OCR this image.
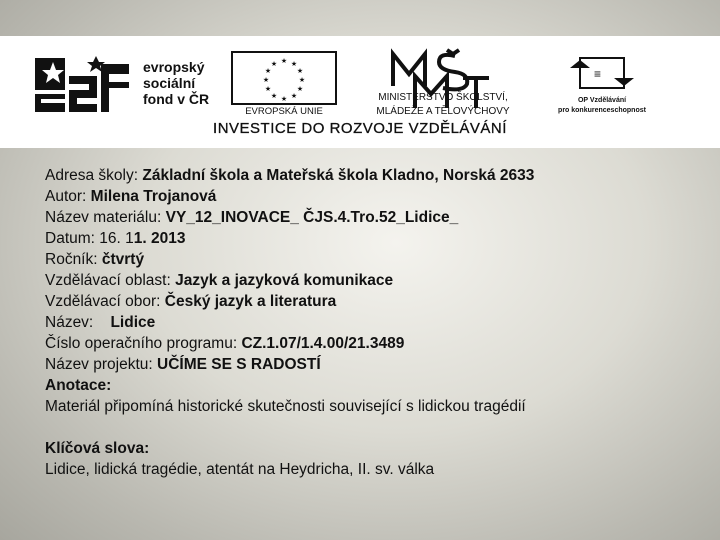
evropský
sociální
fond v ČR
★ ★
★
★
★
★
★
★
★
★
★
★
EVROPSKÁ UNIE
MINISTERSTVO ŠKOLSTVÍ,
MLÁDEŽE A TĚLOVÝCHOVY
≡
OP Vzdělávání
pro konkurenceschopnost
INVESTICE DO ROZVOJE VZDĚLÁVÁNÍ
Adresa školy: Základní škola a Mateřská škola Kladno, Norská 2633
Autor: Milena Trojanová
Název materiálu: VY_12_INOVACE_ ČJS.4.Tro.52_Lidice_
Datum: 16. 11. 2013
Ročník: čtvrtý
Vzdělávací oblast: Jazyk a jazyková komunikace
Vzdělávací obor: Český jazyk a literatura
Název:    Lidice
Číslo operačního programu: CZ.1.07/1.4.00/21.3489
Název projektu: UČÍME SE S RADOSTÍ
Anotace:
Materiál připomíná historické skutečnosti související s lidickou tragédií
Klíčová slova:
Lidice, lidická tragédie, atentát na Heydricha, II. sv. válka
